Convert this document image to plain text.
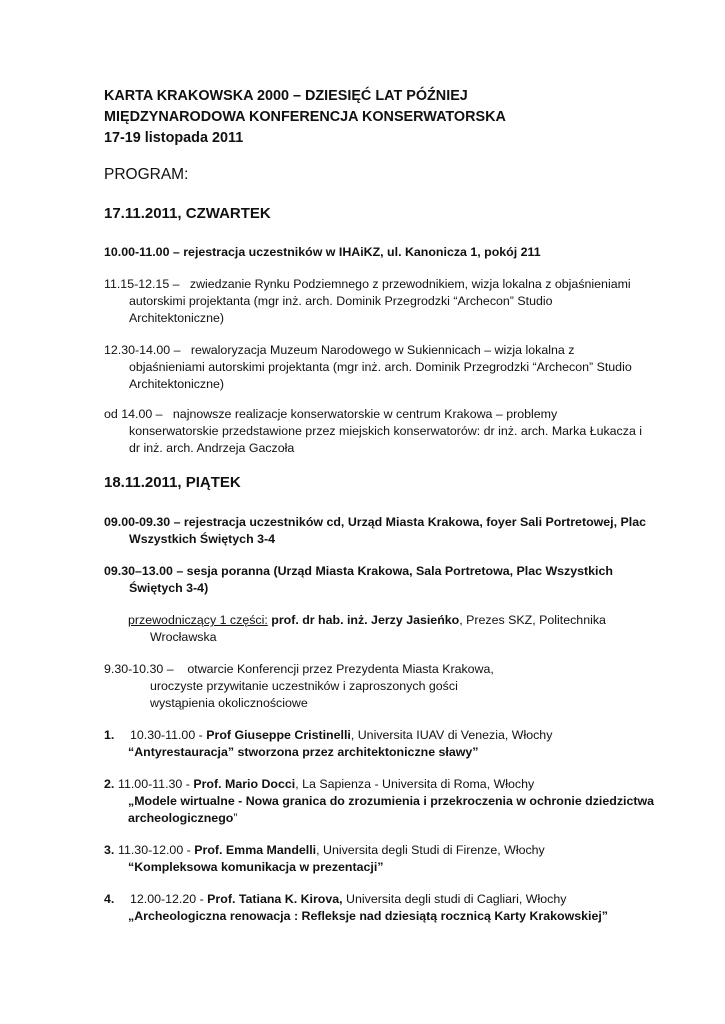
KARTA KRAKOWSKA 2000 – DZIESIĘĆ LAT PÓŹNIEJ
MIĘDZYNARODOWA KONFERENCJA KONSERWATORSKA
17-19 listopada 2011
PROGRAM:
17.11.2011, CZWARTEK
10.00-11.00 – rejestracja uczestników w IHAiKZ, ul. Kanonicza 1, pokój 211
11.15-12.15 – zwiedzanie Rynku Podziemnego z przewodnikiem, wizja lokalna z objaśnieniami
autorskimi projektanta (mgr inż. arch. Dominik Przegrodzki “Archecon” Studio
Architektoniczne)
12.30-14.00 – rewaloryzacja Muzeum Narodowego w Sukiennicach – wizja lokalna z
objaśnieniami autorskimi projektanta (mgr inż. arch. Dominik Przegrodzki “Archecon” Studio
Architektoniczne)
od 14.00 – najnowsze realizacje konserwatorskie w centrum Krakowa – problemy
konserwatorskie przedstawione przez miejskich konserwatorów: dr inż. arch. Marka Łukacza i
dr inż. arch. Andrzeja Gaczoła
18.11.2011, PIĄTEK
09.00-09.30 – rejestracja uczestników cd, Urząd Miasta Krakowa, foyer Sali Portretowej, Plac
Wszystkich Świętych 3-4
09.30–13.00 – sesja poranna (Urząd Miasta Krakowa, Sala Portretowa, Plac Wszystkich
Świętych 3-4)
przewodniczący 1 części: prof. dr hab. inż. Jerzy Jasieńko, Prezes SKZ, Politechnika
Wrocławska
9.30-10.30 – otwarcie Konferencji przez Prezydenta Miasta Krakowa,
uroczyste przywitanie uczestników i zaproszonych gości
wystąpienia okolicznościowe
1. 10.30-11.00 - Prof Giuseppe Cristinelli, Universita IUAV di Venezia, Włochy
“Antyrestauracja” stworzona przez architektoniczne sławy”
2. 11.00-11.30 - Prof. Mario Docci, La Sapienza - Universita di Roma, Włochy
„Modele wirtualne - Nowa granica do zrozumienia i przekroczenia w ochronie dziedzictwa
archeologicznego”
3. 11.30-12.00 - Prof. Emma Mandelli, Universita degli Studi di Firenze, Włochy
“Kompleksowa komunikacja w prezentacji”
4. 12.00-12.20 - Prof. Tatiana K. Kirova, Universita degli studi di Cagliari, Włochy
„Archeologiczna renowacja : Refleksje nad dziesiątą rocznicą Karty Krakowskiej”
